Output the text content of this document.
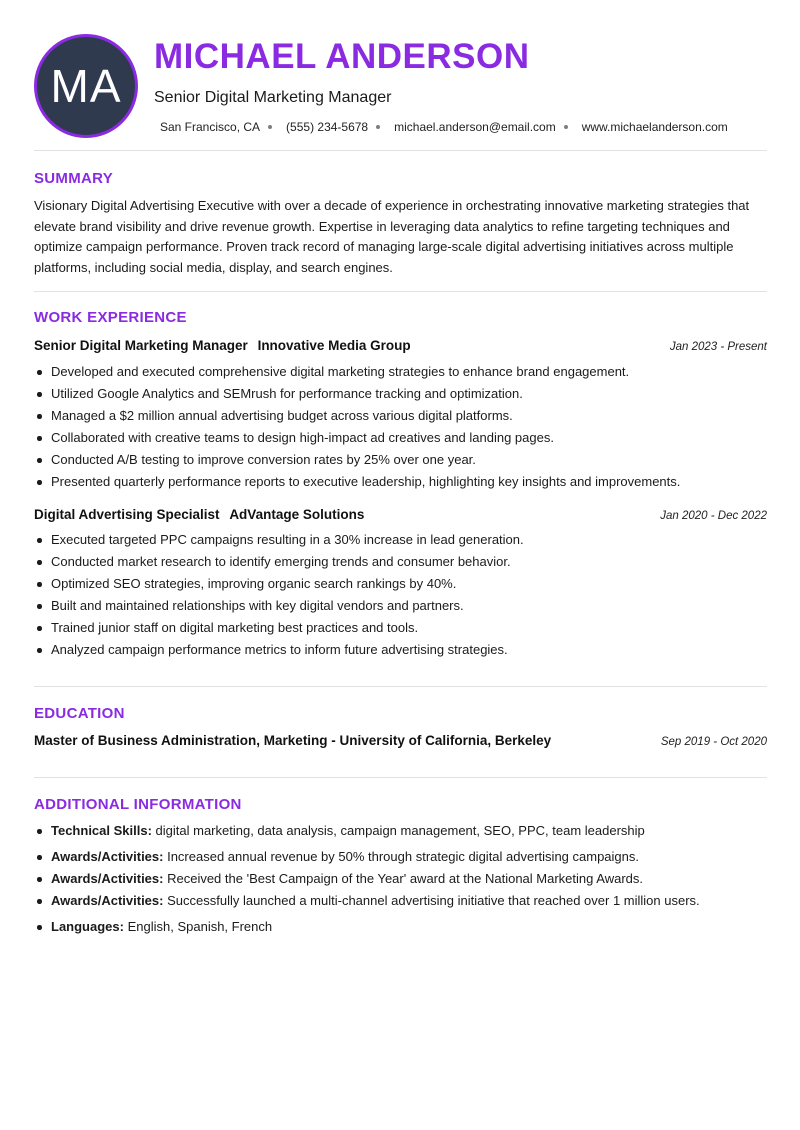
MA
MICHAEL ANDERSON
Senior Digital Marketing Manager
San Francisco, CA (555) 234-5678 michael.anderson@email.com www.michaelanderson.com
SUMMARY
Visionary Digital Advertising Executive with over a decade of experience in orchestrating innovative marketing strategies that elevate brand visibility and drive revenue growth. Expertise in leveraging data analytics to refine targeting techniques and optimize campaign performance. Proven track record of managing large-scale digital advertising initiatives across multiple platforms, including social media, display, and search engines.
WORK EXPERIENCE
Senior Digital Marketing Manager Innovative Media Group	Jan 2023 - Present
Developed and executed comprehensive digital marketing strategies to enhance brand engagement.
Utilized Google Analytics and SEMrush for performance tracking and optimization.
Managed a $2 million annual advertising budget across various digital platforms.
Collaborated with creative teams to design high-impact ad creatives and landing pages.
Conducted A/B testing to improve conversion rates by 25% over one year.
Presented quarterly performance reports to executive leadership, highlighting key insights and improvements.
Digital Advertising Specialist AdVantage Solutions	Jan 2020 - Dec 2022
Executed targeted PPC campaigns resulting in a 30% increase in lead generation.
Conducted market research to identify emerging trends and consumer behavior.
Optimized SEO strategies, improving organic search rankings by 40%.
Built and maintained relationships with key digital vendors and partners.
Trained junior staff on digital marketing best practices and tools.
Analyzed campaign performance metrics to inform future advertising strategies.
EDUCATION
Master of Business Administration, Marketing - University of California, Berkeley	Sep 2019 - Oct 2020
ADDITIONAL INFORMATION
Technical Skills: digital marketing, data analysis, campaign management, SEO, PPC, team leadership
Awards/Activities: Increased annual revenue by 50% through strategic digital advertising campaigns.
Awards/Activities: Received the 'Best Campaign of the Year' award at the National Marketing Awards.
Awards/Activities: Successfully launched a multi-channel advertising initiative that reached over 1 million users.
Languages: English, Spanish, French
